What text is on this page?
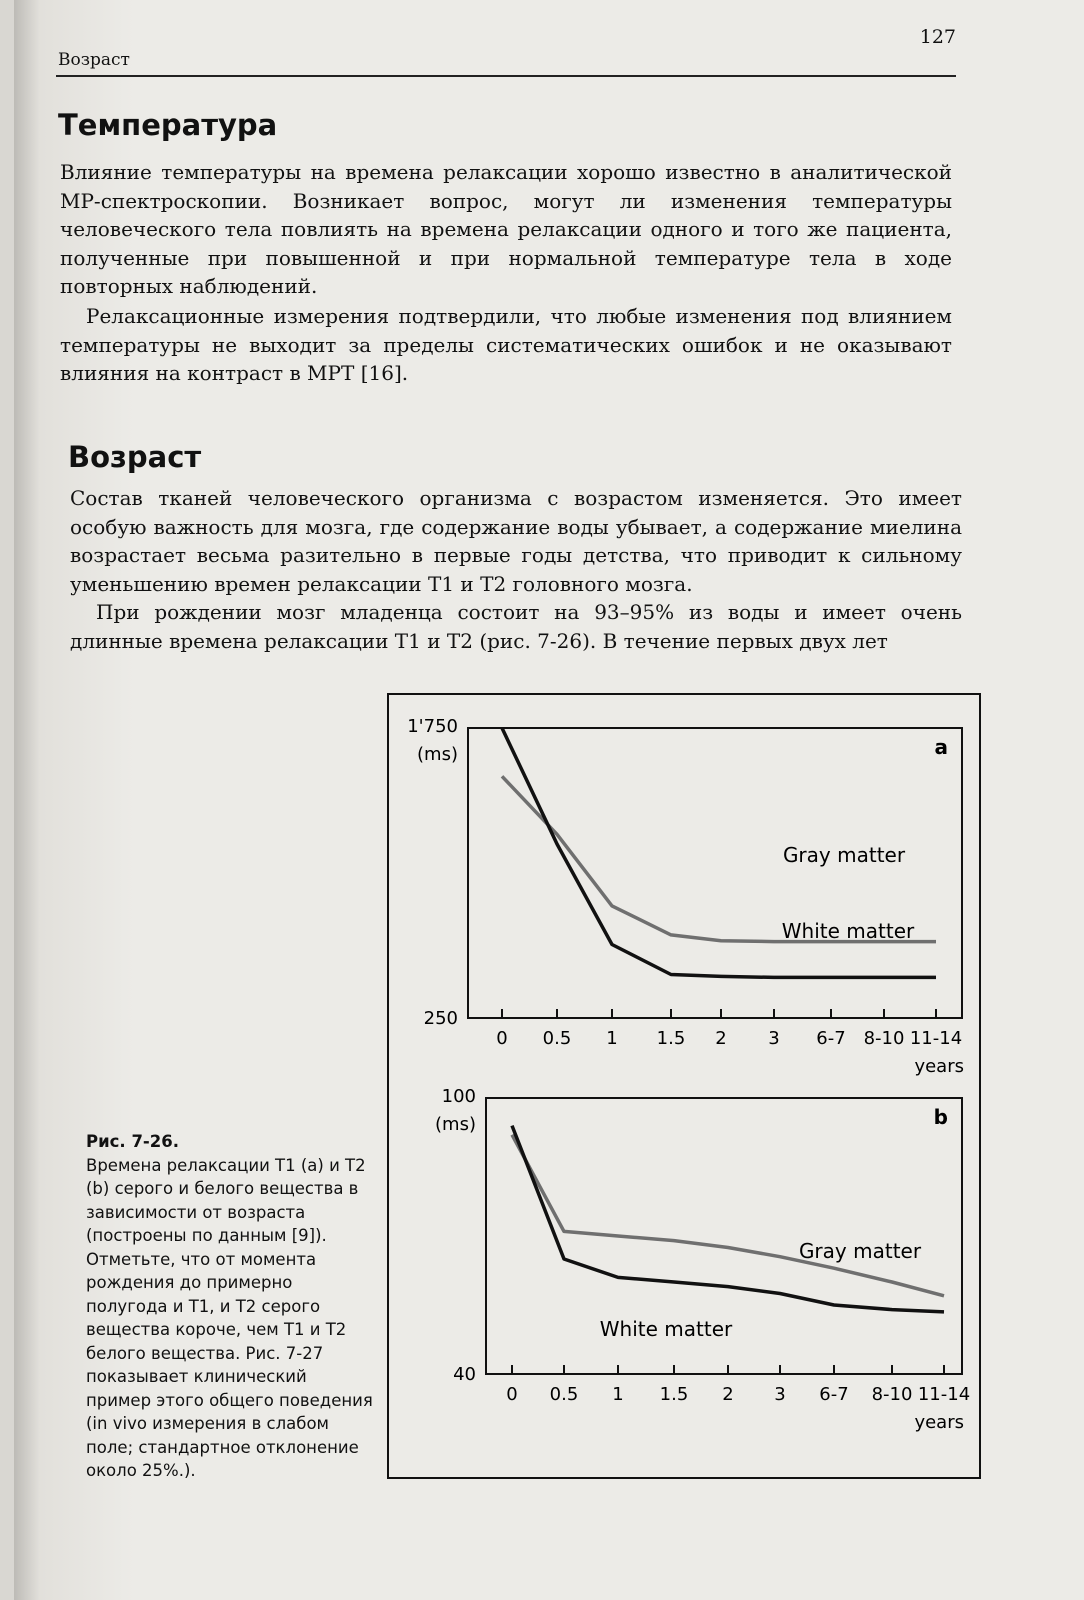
Возраст
127
Температура

Влияние температуры на времена релаксации хорошо известно в аналитической МР-спектроскопии. Возникает вопрос, могут ли изменения температуры человеческого тела повлиять на времена релаксации одного и того же пациента, полученные при повышенной и при нормальной температуре тела в ходе повторных наблюдений.

Релаксационные измерения подтвердили, что любые изменения под влиянием температуры не выходит за пределы систематических ошибок и не оказывают влияния на контраст в МРТ [16].

Возраст

Состав тканей человеческого организма с возрастом изменяется. Это имеет особую важность для мозга, где содержание воды убывает, а содержание миелина возрастает весьма разительно в первые годы детства, что приводит к сильному уменьшению времен релаксации T1 и T2 головного мозга.

При рождении мозг младенца состоит на 93–95% из воды и имеет очень длинные времена релаксации T1 и T2 (рис. 7-26). В течение первых двух лет

Рис. 7-26.
Времена релаксации T1 (a) и T2 (b) серого и белого вещества в зависимости от возраста (построены по данным [9]). Отметьте, что от момента рождения до примерно полугода и T1, и T2 серого вещества короче, чем T1 и T2 белого вещества. Рис. 7-27 показывает клинический пример этого общего поведения (in vivo измерения в слабом поле; стандартное отклонение около 25%.).
1'750
(ms)
250
a
0 0.5 1 1.5 2 3 6-7 8-10 11-14
years
Gray matter
White matter
100
(ms)
40
b
0 0.5 1 1.5 2 3 6-7 8-10 11-14
years
Gray matter
White matter
